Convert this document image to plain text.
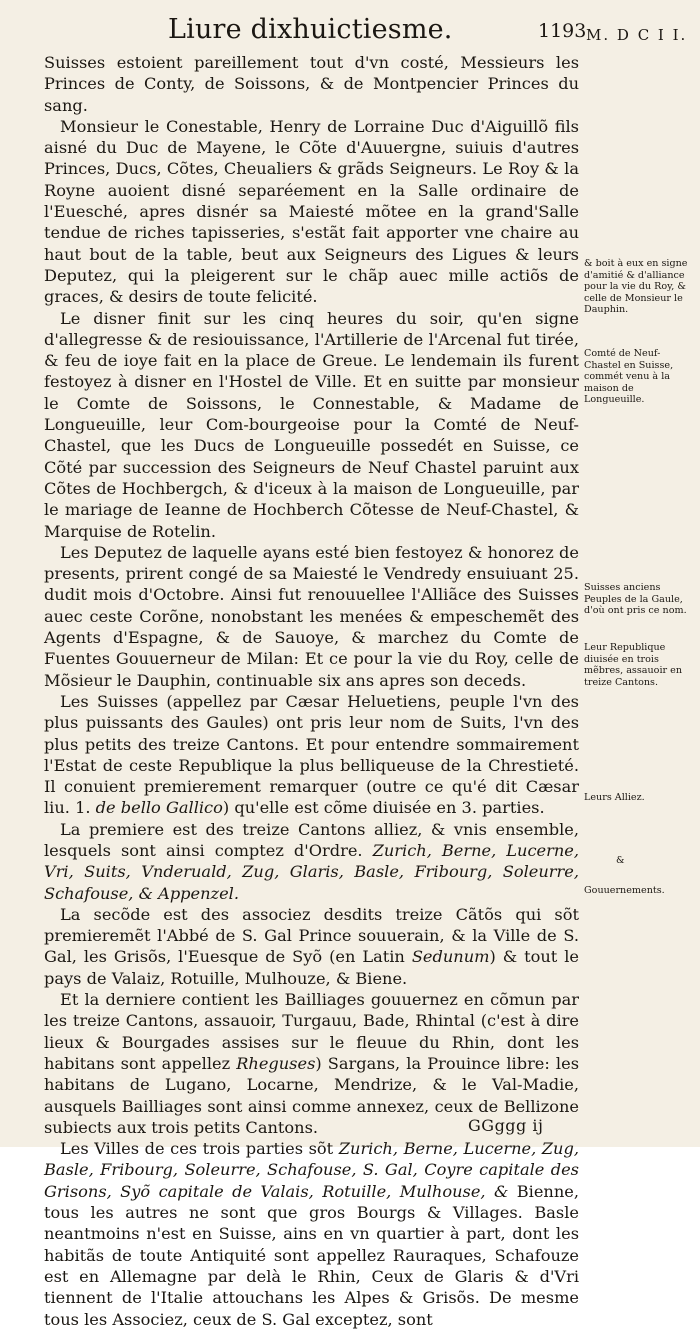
Liure dixhuictiesme.	1193 M. D C I I.

Suisses estoient pareillement tout d'vn costé, Messieurs les Princes de Conty, de Soissons, & de Montpencier Princes du sang.

Monsieur le Conestable, Henry de Lorraine Duc d'Aiguillõ fils aisné du Duc de Mayene, le Cõte d'Auuergne, suiuis d'autres Princes, Ducs, Cõtes, Cheualiers & grãds Seigneurs. Le Roy & la Royne auoient disné separéement en la Salle ordinaire de l'Euesché, apres disnér sa Maiesté mõtee en la grand'Salle tendue de riches tapisseries, s'estãt fait apporter vne chaire au haut bout de la table, beut aux Seigneurs des Ligues & leurs Deputez, qui la pleigerent sur le chãp auec mille actiõs de graces, & desirs de toute felicité.

Le disner finit sur les cinq heures du soir, qu'en signe d'allegresse & de resiouissance, l'Artillerie de l'Arcenal fut tirée, & feu de ioye fait en la place de Greue. Le lendemain ils furent festoyez à disner en l'Hostel de Ville. Et en suitte par monsieur le Comte de Soissons, le Connestable, & Madame de Longueuille, leur Com-bourgeoise pour la Comté de Neuf-Chastel, que les Ducs de Longueuille possedét en Suisse, ce Cõté par succession des Seigneurs de Neuf Chastel paruint aux Cõtes de Hochbergch, & d'iceux à la maison de Longueuille, par le mariage de Ieanne de Hochberch Cõtesse de Neuf-Chastel, & Marquise de Rotelin.

Les Deputez de laquelle ayans esté bien festoyez & honorez de presents, prirent congé de sa Maiesté le Vendredy ensuiuant 25. dudit mois d'Octobre. Ainsi fut renouuellee l'Alliãce des Suisses auec ceste Corõne, nonobstant les menées & empeschemẽt des Agents d'Espagne, & de Sauoye, & marchez du Comte de Fuentes Gouuerneur de Milan: Et ce pour la vie du Roy, celle de Mõsieur le Dauphin, continuable six ans apres son deceds.

Les Suisses (appellez par Cæsar Heluetiens, peuple l'vn des plus puissants des Gaules) ont pris leur nom de Suits, l'vn des plus petits des treize Cantons. Et pour entendre sommairement l'Estat de ceste Republique la plus belliqueuse de la Chrestieté. Il conuient premierement remarquer (outre ce qu'é dit Cæsar liu. 1. de bello Gallico) qu'elle est cõme diuisée en 3. parties.

La premiere est des treize Cantons alliez, & vnis ensemble, lesquels sont ainsi comptez d'Ordre. Zurich, Berne, Lucerne, Vri, Suits, Vnderuald, Zug, Glaris, Basle, Fribourg, Soleurre, Schafouse, & Appenzel.

La secõde est des associez desdits treize Cãtõs qui sõt premieremẽt l'Abbé de S. Gal Prince souuerain, & la Ville de S. Gal, les Grisõs, l'Euesque de Syõ (en Latin Sedunum) & tout le pays de Valaiz, Rotuille, Mulhouze, & Biene.

Et la derniere contient les Bailliages gouuernez en cõmun par les treize Cantons, assauoir, Turgauu, Bade, Rhintal (c'est à dire lieux & Bourgades assises sur le fleuue du Rhin, dont les habitans sont appellez Rheguses) Sargans, la Prouince libre: les habitans de Lugano, Locarne, Mendrize, & le Val-Madie, ausquels Bailliages sont ainsi comme annexez, ceux de Bellizone subiects aux trois petits Cantons.

Les Villes de ces trois parties sõt Zurich, Berne, Lucerne, Zug, Basle, Fribourg, Soleurre, Schafouse, S. Gal, Coyre capitale des Grisons, Syõ capitale de Valais, Rotuille, Mulhouse, & Bienne, tous les autres ne sont que gros Bourgs & Villages. Basle neantmoins n'est en Suisse, ains en vn quartier à part, dont les habitãs de toute Antiquité sont appellez Rauraques, Schafouze est en Allemagne par delà le Rhin, Ceux de Glaris & d'Vri tiennent de l'Italie attouchans les Alpes & Grisõs. De mesme tous les Associez, ceux de S. Gal exceptez, sont

& boit à eux en signe d'amitié & d'alliance pour la vie du Roy, & celle de Monsieur le Dauphin.
Comté de Neuf-Chastel en Suisse, commét venu à la maison de Longueuille.
Suisses anciens Peuples de la Gaule, d'où ont pris ce nom.
Leur Republique diuisée en trois mẽbres, assauoir en treize Cantons.
Leurs Alliez.
&
Gouuernements.
GGggg ij
